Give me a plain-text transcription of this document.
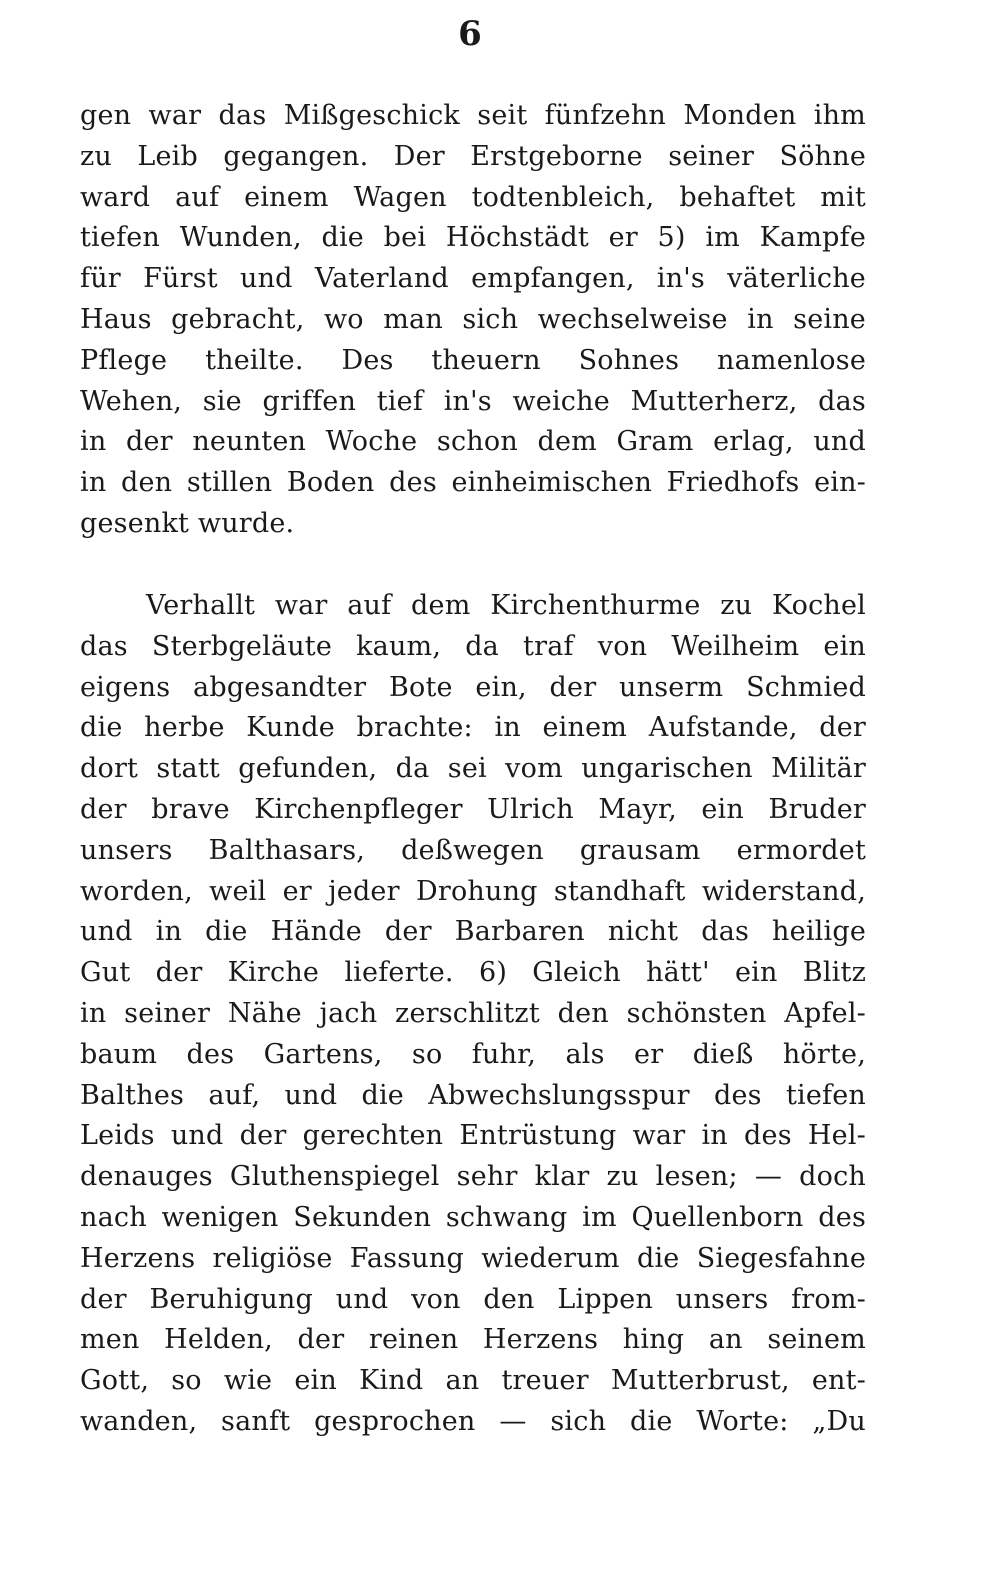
6
gen war das Mißgeschick seit fünfzehn Monden ihm
zu Leib gegangen. Der Erstgeborne seiner Söhne
ward auf einem Wagen todtenbleich, behaftet mit
tiefen Wunden, die bei Höchstädt er 5) im Kampfe
für Fürst und Vaterland empfangen, in's väterliche
Haus gebracht, wo man sich wechselweise in seine
Pflege theilte. Des theuern Sohnes namenlose
Wehen, sie griffen tief in's weiche Mutterherz, das
in der neunten Woche schon dem Gram erlag, und
in den stillen Boden des einheimischen Friedhofs ein-
gesenkt wurde.
Verhallt war auf dem Kirchenthurme zu Kochel
das Sterbgeläute kaum, da traf von Weilheim ein
eigens abgesandter Bote ein, der unserm Schmied
die herbe Kunde brachte: in einem Aufstande, der
dort statt gefunden, da sei vom ungarischen Militär
der brave Kirchenpfleger Ulrich Mayr, ein Bruder
unsers Balthasars, deßwegen grausam ermordet
worden, weil er jeder Drohung standhaft widerstand,
und in die Hände der Barbaren nicht das heilige
Gut der Kirche lieferte. 6) Gleich hätt' ein Blitz
in seiner Nähe jach zerschlitzt den schönsten Apfel-
baum des Gartens, so fuhr, als er dieß hörte,
Balthes auf, und die Abwechslungsspur des tiefen
Leids und der gerechten Entrüstung war in des Hel-
denauges Gluthenspiegel sehr klar zu lesen; — doch
nach wenigen Sekunden schwang im Quellenborn des
Herzens religiöse Fassung wiederum die Siegesfahne
der Beruhigung und von den Lippen unsers from-
men Helden, der reinen Herzens hing an seinem
Gott, so wie ein Kind an treuer Mutterbrust, ent-
wanden, sanft gesprochen — sich die Worte: „Du
